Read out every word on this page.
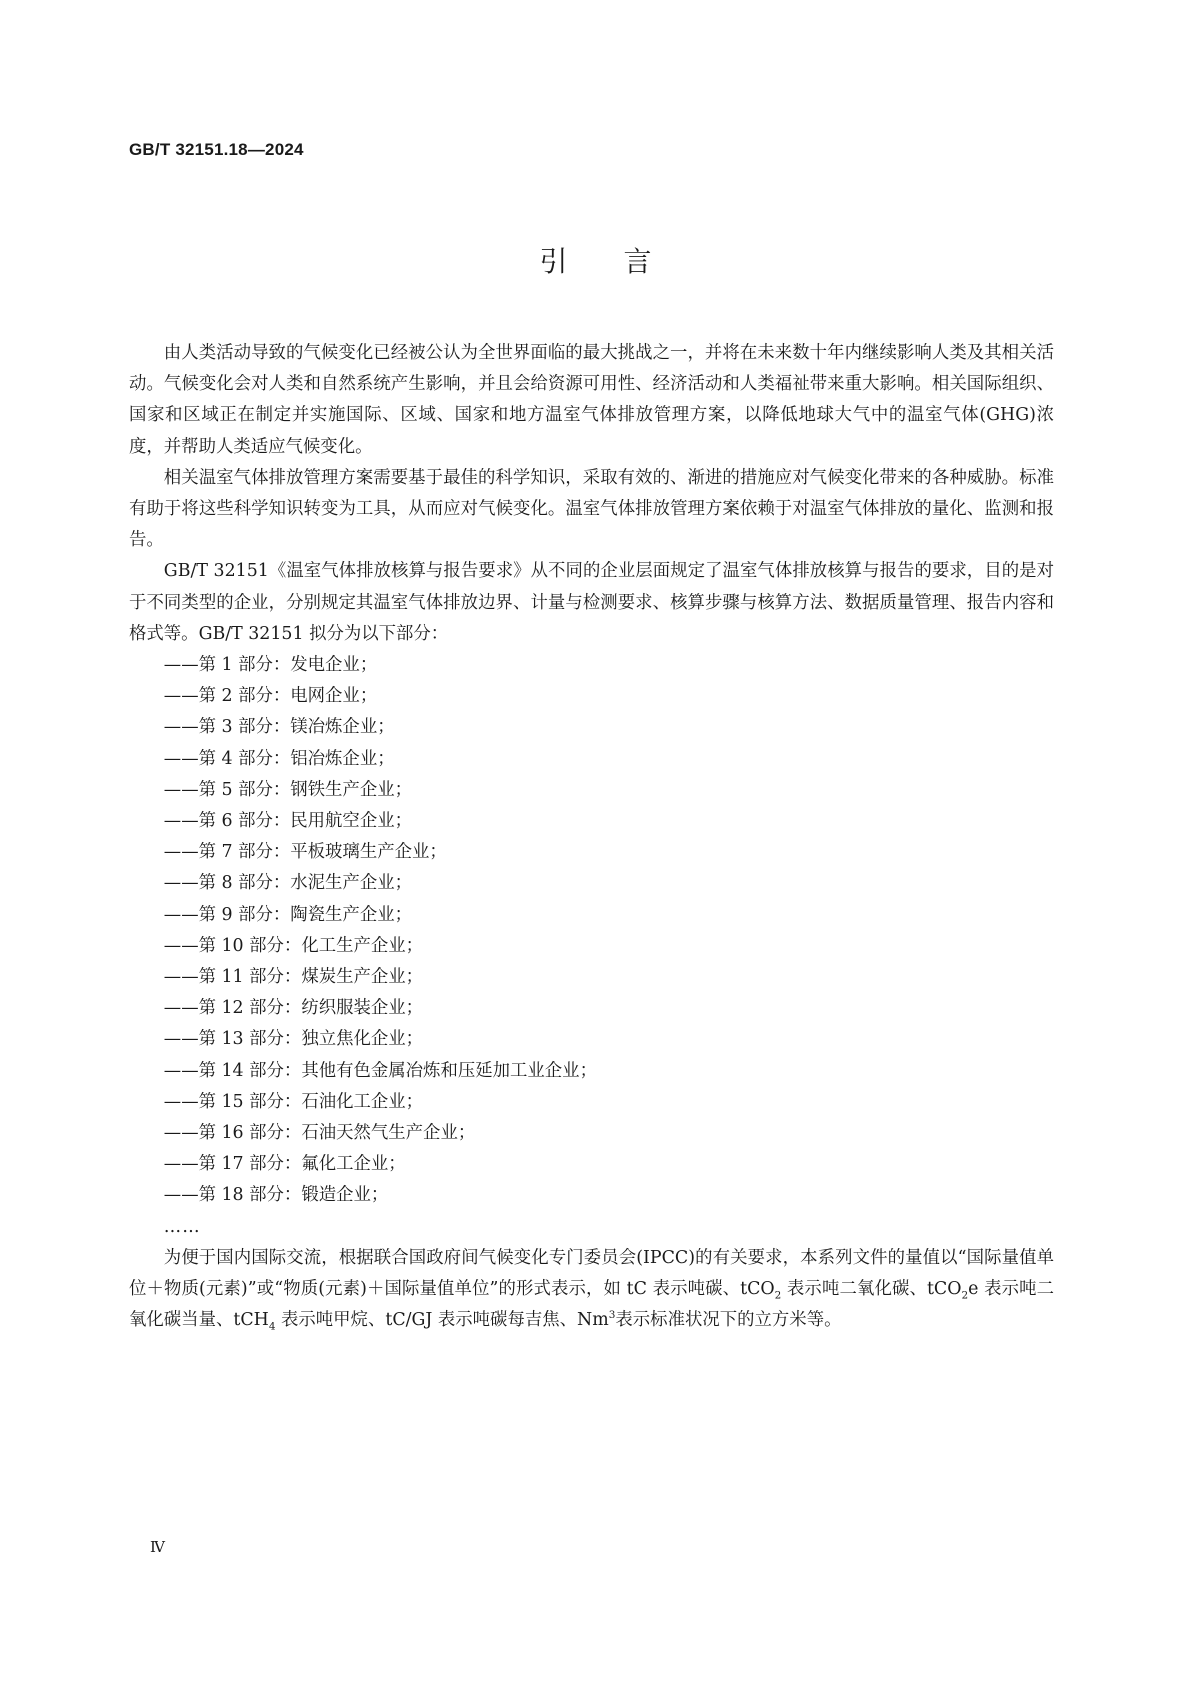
GB/T 32151.18—2024
引言

由人类活动导致的气候变化已经被公认为全世界面临的最大挑战之一，并将在未来数十年内继续影响人类及其相关活动。气候变化会对人类和自然系统产生影响，并且会给资源可用性、经济活动和人类福祉带来重大影响。相关国际组织、国家和区域正在制定并实施国际、区域、国家和地方温室气体排放管理方案，以降低地球大气中的温室气体(GHG)浓度，并帮助人类适应气候变化。

相关温室气体排放管理方案需要基于最佳的科学知识，采取有效的、渐进的措施应对气候变化带来的各种威胁。标准有助于将这些科学知识转变为工具，从而应对气候变化。温室气体排放管理方案依赖于对温室气体排放的量化、监测和报告。

GB/T 32151《温室气体排放核算与报告要求》从不同的企业层面规定了温室气体排放核算与报告的要求，目的是对于不同类型的企业，分别规定其温室气体排放边界、计量与检测要求、核算步骤与核算方法、数据质量管理、报告内容和格式等。GB/T 32151 拟分为以下部分：

——第 1 部分：发电企业；
——第 2 部分：电网企业；
——第 3 部分：镁冶炼企业；
——第 4 部分：铝冶炼企业；
——第 5 部分：钢铁生产企业；
——第 6 部分：民用航空企业；
——第 7 部分：平板玻璃生产企业；
——第 8 部分：水泥生产企业；
——第 9 部分：陶瓷生产企业；
——第 10 部分：化工生产企业；
——第 11 部分：煤炭生产企业；
——第 12 部分：纺织服装企业；
——第 13 部分：独立焦化企业；
——第 14 部分：其他有色金属冶炼和压延加工业企业；
——第 15 部分：石油化工企业；
——第 16 部分：石油天然气生产企业；
——第 17 部分：氟化工企业；
——第 18 部分：锻造企业；

……

为便于国内国际交流，根据联合国政府间气候变化专门委员会(IPCC)的有关要求，本系列文件的量值以“国际量值单位＋物质(元素)”或“物质(元素)＋国际量值单位”的形式表示，如 tC 表示吨碳、tCO$_2$ 表示吨二氧化碳、tCO$_2$e 表示吨二氧化碳当量、tCH$_4$ 表示吨甲烷、tC/GJ 表示吨碳每吉焦、Nm$^3$表示标准状况下的立方米等。

Ⅳ
